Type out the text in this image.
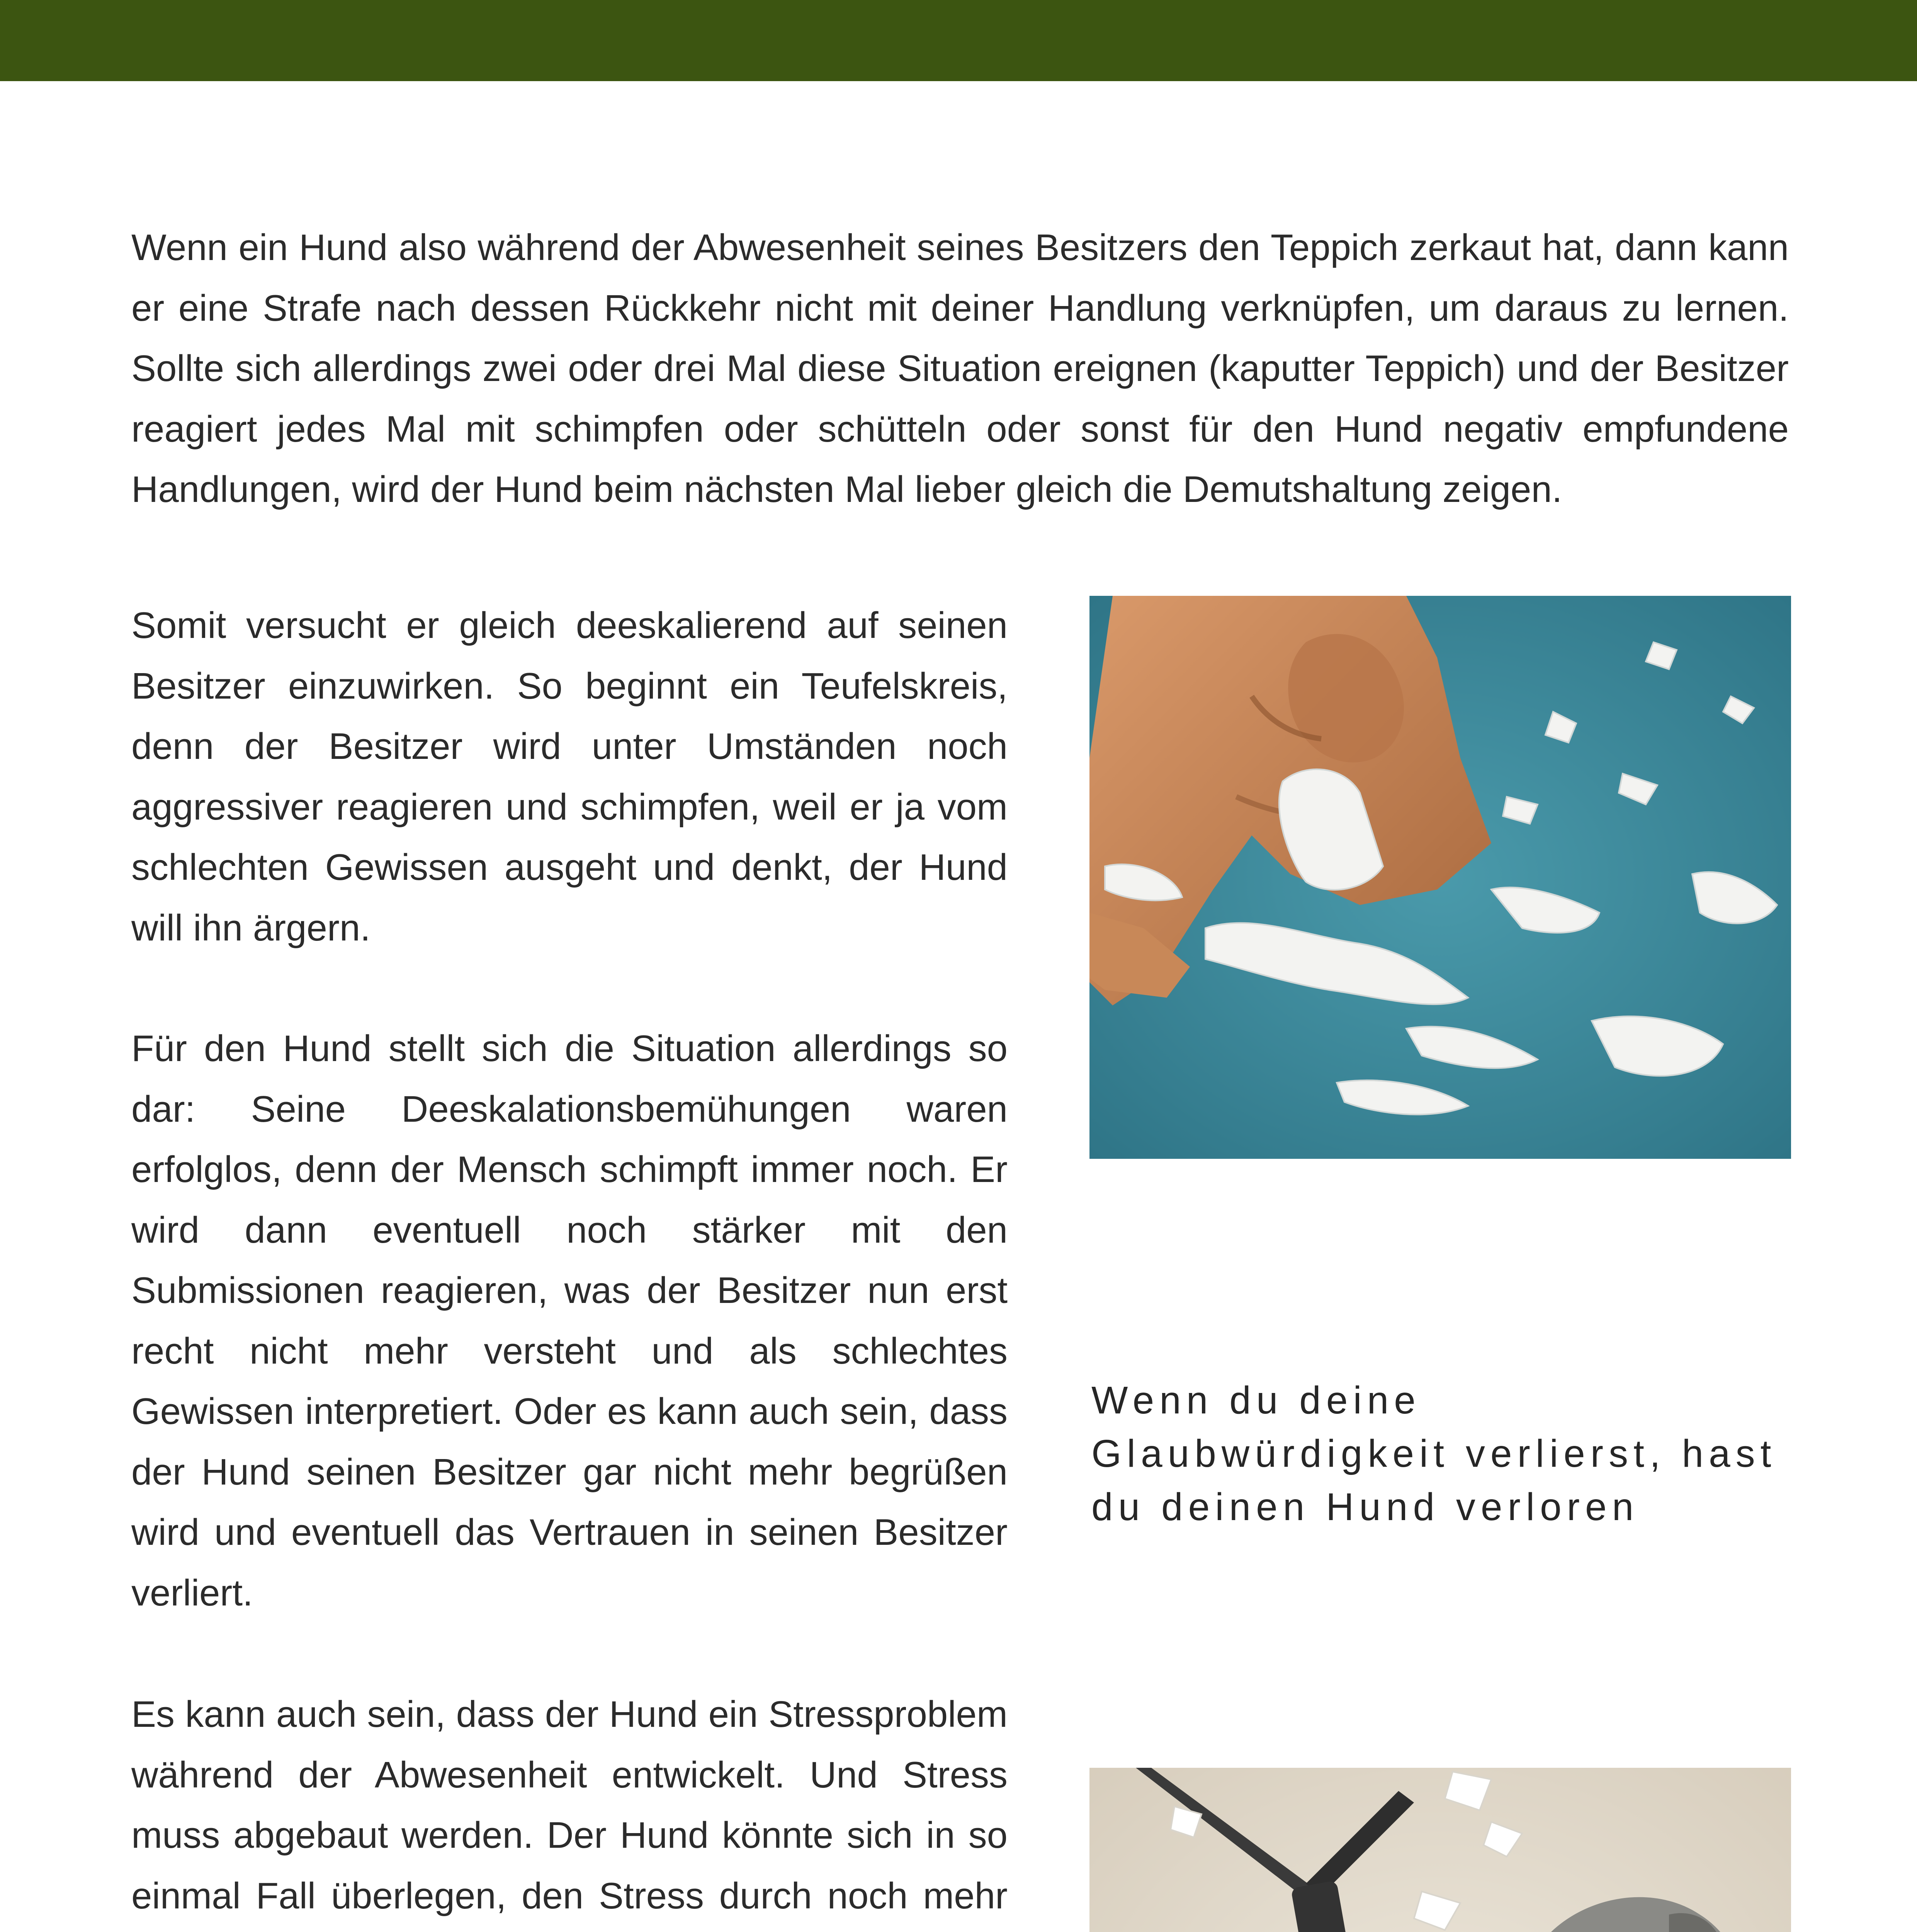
Wenn ein Hund also während der Abwesenheit seines Besitzers den Teppich zerkaut hat, dann kann er eine Strafe nach dessen Rückkehr nicht mit deiner Handlung verknüpfen, um daraus zu lernen. Sollte sich allerdings zwei oder drei Mal diese Situation ereignen (kaputter Teppich) und der Besitzer reagiert jedes Mal mit schimpfen oder schütteln oder sonst für den Hund negativ empfundene Handlungen, wird der Hund beim nächsten Mal lieber gleich die Demutshaltung zeigen.

Somit versucht er gleich deeskalierend auf seinen Besitzer einzuwirken. So beginnt ein Teufelskreis, denn der Besitzer wird unter Umständen noch aggressiver reagieren und schimpfen, weil er ja vom schlechten Gewissen ausgeht und denkt, der Hund will ihn ärgern.

Für den Hund stellt sich die Situation allerdings so dar: Seine Deeskalationsbemühungen waren erfolglos, denn der Mensch schimpft immer noch. Er wird dann eventuell noch stärker mit den Submissionen reagieren, was der Besitzer nun erst recht nicht mehr versteht und als schlechtes Gewissen interpretiert. Oder es kann auch sein, dass der Hund seinen Besitzer gar nicht mehr begrüßen wird und eventuell das Vertrauen in seinen Besitzer verliert.

Es kann auch sein, dass der Hund ein Stressproblem während der Abwesenheit entwickelt. Und Stress muss abgebaut werden. Der Hund könnte sich in so einmal Fall überlegen, den Stress durch noch mehr

Wenn du deine Glaubwürdigkeit verlierst, hast du deinen Hund verloren
